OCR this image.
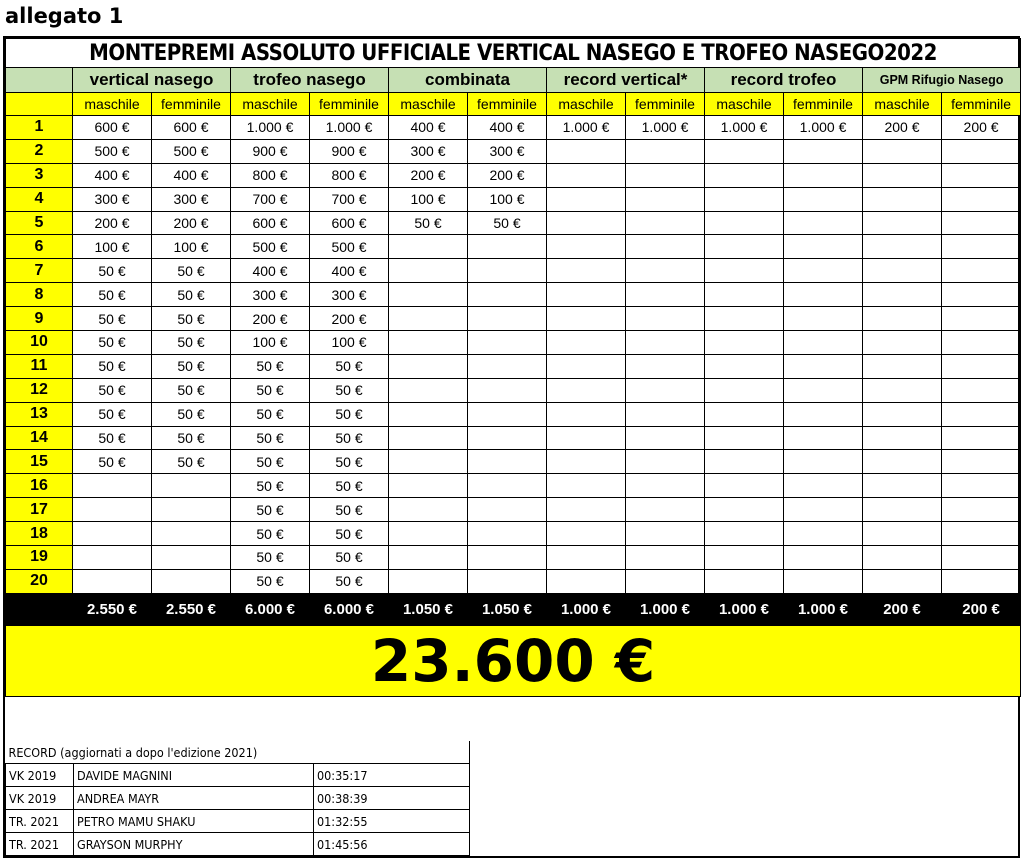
allegato 1
MONTEPREMI ASSOLUTO UFFICIALE VERTICAL NASEGO E TROFEO NASEGO2022												
	vertical nasego		trofeo nasego		combinata		record vertical*		record trofeo		GPM Rifugio Nasego	
	maschile	femminile	maschile	femminile	maschile	femminile	maschile	femminile	maschile	femminile	maschile	femminile
1	600 €	600 €	1.000 €	1.000 €	400 €	400 €	1.000 €	1.000 €	1.000 €	1.000 €	200 €	200 €
2	500 €	500 €	900 €	900 €	300 €	300 €						
3	400 €	400 €	800 €	800 €	200 €	200 €						
4	300 €	300 €	700 €	700 €	100 €	100 €						
5	200 €	200 €	600 €	600 €	50 €	50 €						
6	100 €	100 €	500 €	500 €								
7	50 €	50 €	400 €	400 €								
8	50 €	50 €	300 €	300 €								
9	50 €	50 €	200 €	200 €								
10	50 €	50 €	100 €	100 €								
11	50 €	50 €	50 €	50 €								
12	50 €	50 €	50 €	50 €								
13	50 €	50 €	50 €	50 €								
14	50 €	50 €	50 €	50 €								
15	50 €	50 €	50 €	50 €								
16			50 €	50 €								
17			50 €	50 €								
18			50 €	50 €								
19			50 €	50 €								
20			50 €	50 €								
	2.550 €	2.550 €	6.000 €	6.000 €	1.050 €	1.050 €	1.000 €	1.000 €	1.000 €	1.000 €	200 €	200 €
23.600 €												
RECORD (aggiornati a dopo l'edizione 2021)		
VK 2019	DAVIDE MAGNINI	00:35:17
VK 2019	ANDREA MAYR	00:38:39
TR. 2021	PETRO MAMU SHAKU	01:32:55
TR. 2021	GRAYSON MURPHY	01:45:56
